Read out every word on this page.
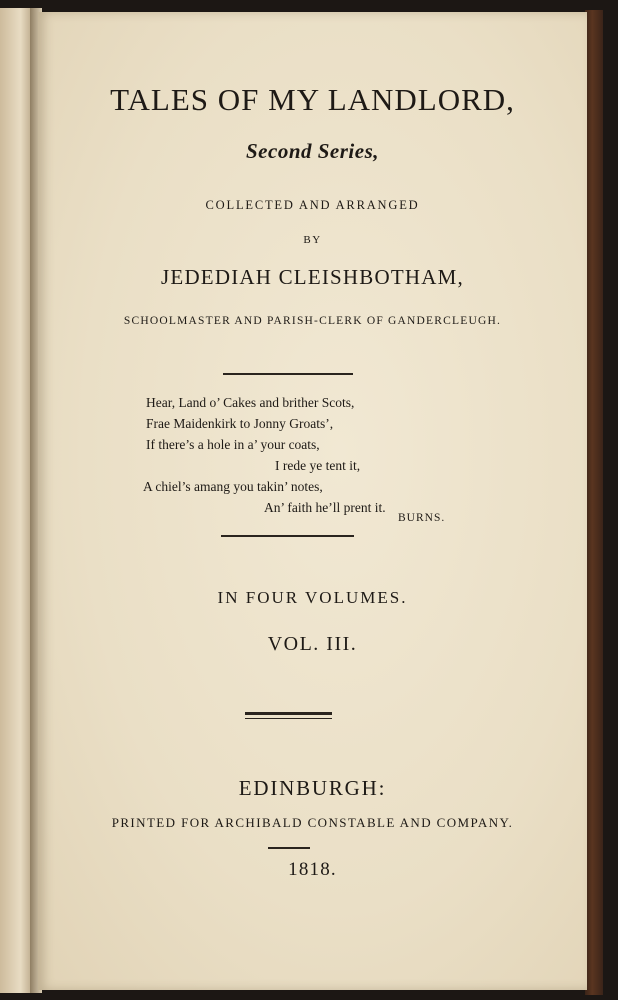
TALES OF MY LANDLORD,
Second Series,
COLLECTED AND ARRANGED
BY
JEDEDIAH CLEISHBOTHAM,
SCHOOLMASTER AND PARISH-CLERK OF GANDERCLEUGH.
Hear, Land o’ Cakes and brither Scots,
Frae Maidenkirk to Jonny Groats’,
If there’s a hole in a’ your coats,
I rede ye tent it,
A chiel’s amang you takin’ notes,
An’ faith he’ll prent it.
BURNS.
IN FOUR VOLUMES.
VOL. III.
EDINBURGH:
PRINTED FOR ARCHIBALD CONSTABLE AND COMPANY.
1818.
